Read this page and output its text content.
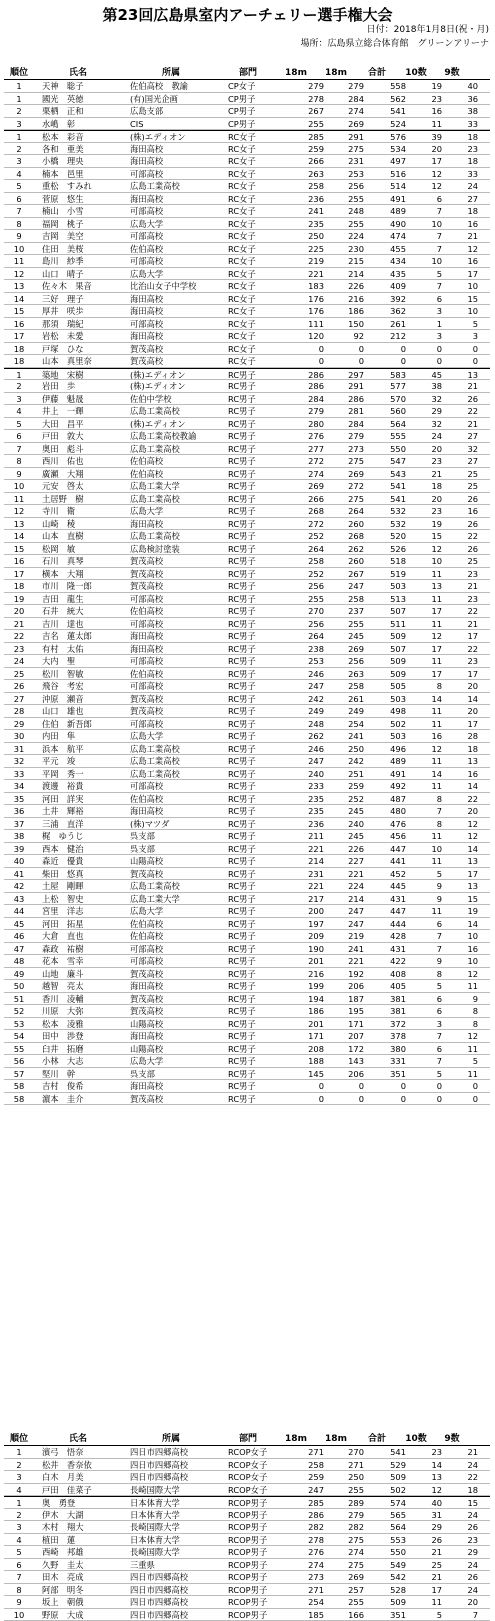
第23回広島県室内アーチェリー選手権大会
日付：2018年1月8日(祝・月)
場所：広島県立総合体育館　グリーンアリーナ
順位	氏名	所属	部門	18m	18m	合計	10数	9数
1	天神　聡子	佐伯高校　教諭	CP女子	279	279	558	19	40
1	國光　英徳	(有)国光企画	CP男子	278	284	562	23	36
2	栗栖　正和	広島支部	CP男子	267	274	541	16	38
3	水嶋　彰	CIS	CP男子	255	269	524	11	33
1	松本　彩音	(株)エディオン	RC女子	285	291	576	39	18
2	各和　亜美	海田高校	RC女子	259	275	534	20	23
3	小橋　理央	海田高校	RC女子	266	231	497	17	18
4	楠本　邑里	可部高校	RC女子	263	253	516	12	33
5	重松　すみれ	広島工業高校	RC女子	258	256	514	12	24
6	菅原　悠生	海田高校	RC女子	236	255	491	6	27
7	楠山　小雪	可部高校	RC女子	241	248	489	7	18
8	福岡　桃子	広島大学	RC女子	235	255	490	10	16
9	吉岡　美空	可部高校	RC女子	250	224	474	7	21
10	住田　美桜	佐伯高校	RC女子	225	230	455	7	12
11	島川　紗季	可部高校	RC女子	219	215	434	10	16
12	山口　晴子	広島大学	RC女子	221	214	435	5	17
13	佐々木　果音	比治山女子中学校	RC女子	183	226	409	7	10
14	三好　理子	海田高校	RC女子	176	216	392	6	15
15	厚井　咲歩	海田高校	RC女子	176	186	362	3	10
16	那須　瑞紀	可部高校	RC女子	111	150	261	1	5
17	岩松　未愛	海田高校	RC女子	120	92	212	3	3
18	戸塚　ひな	賀茂高校	RC女子	0	0	0	0	0
18	山本　真里奈	賀茂高校	RC女子	0	0	0	0	0
1	築地　宋樹	(株)エディオン	RC男子	286	297	583	45	13
2	岩田　歩	(株)エディオン	RC男子	286	291	577	38	21
3	伊藤　魁晟	佐伯中学校	RC男子	284	286	570	32	26
4	井上　一輝	広島工業高校	RC男子	279	281	560	29	22
5	大田　昌平	(株)エディオン	RC男子	280	284	564	32	21
6	戸田　敦大	広島工業高校教諭	RC男子	276	279	555	24	27
7	奥田　彪斗	広島工業高校	RC男子	277	273	550	20	32
8	西川　佑也	佐伯高校	RC男子	272	275	547	23	27
9	廣瀬　大翔	佐伯高校	RC男子	274	269	543	21	25
10	元安　啓太	広島工業大学	RC男子	269	272	541	18	25
11	土居野　樹	広島工業高校	RC男子	266	275	541	20	26
12	寺川　衛	広島大学	RC男子	268	264	532	23	16
13	山崎　稜	海田高校	RC男子	272	260	532	19	26
14	山本　直樹	広島工業高校	RC男子	252	268	520	15	22
15	松岡　敏	広島検討塗装	RC男子	264	262	526	12	26
16	石川　真琴	賀茂高校	RC男子	258	260	518	10	25
17	横本　大翔	賀茂高校	RC男子	252	267	519	11	23
18	市川　隆一郎	賀茂高校	RC男子	256	247	503	13	21
19	吉田　龍生	可部高校	RC男子	255	258	513	11	23
20	石井　統大	佐伯高校	RC男子	270	237	507	17	22
21	吉川　達也	可部高校	RC男子	256	255	511	11	21
22	吉名　蓮太郎	海田高校	RC男子	264	245	509	12	17
23	有村　太佑	海田高校	RC男子	238	269	507	17	22
24	大内　聖	可部高校	RC男子	253	256	509	11	23
25	松川　智敏	佐伯高校	RC男子	246	263	509	17	17
26	飛谷　考宏	可部高校	RC男子	247	258	505	8	20
27	沖原　瀬音	賀茂高校	RC男子	242	261	503	14	14
28	山口　雄也	賀茂高校	RC男子	249	249	498	11	20
29	住伯　新吾郎	可部高校	RC男子	248	254	502	11	17
30	内田　隼	広島大学	RC男子	262	241	503	16	28
31	浜本　航平	広島工業高校	RC男子	246	250	496	12	18
32	平元　竣	広島工業高校	RC男子	247	242	489	11	13
33	平岡　秀一	広島工業高校	RC男子	240	251	491	14	16
34	渡邊　裕貴	可部高校	RC男子	233	259	492	11	14
35	河田　詳実	佐伯高校	RC男子	235	252	487	8	22
36	土井　輝裕	海田高校	RC男子	235	245	480	7	20
37	三浦　直洋	(株)マツダ	RC男子	236	240	476	8	12
38	梶　ゆうじ	呉支部	RC男子	211	245	456	11	12
39	西本　健治	呉支部	RC男子	221	226	447	10	14
40	森近　優貴	山陽高校	RC男子	214	227	441	11	13
41	柴田　悠真	賀茂高校	RC男子	231	221	452	5	17
42	土屋　剛暉	広島工業高校	RC男子	221	224	445	9	13
43	上松　智史	広島工業大学	RC男子	217	214	431	9	15
44	宮里　洋志	広島大学	RC男子	200	247	447	11	19
45	河田　拓星	佐伯高校	RC男子	197	247	444	6	14
46	大倉　直也	佐伯高校	RC男子	209	219	428	7	10
47	森政　祐樹	可部高校	RC男子	190	241	431	7	16
48	花本　雪幸	可部高校	RC男子	201	221	422	9	10
49	山地　廉斗	賀茂高校	RC男子	216	192	408	8	12
50	越智　亮太	海田高校	RC男子	199	206	405	5	11
51	香川　凌輔	賀茂高校	RC男子	194	187	381	6	9
52	川原　大弥	賀茂高校	RC男子	186	195	381	6	8
53	松本　凌雅	山陽高校	RC男子	201	171	372	3	8
54	田中　渉登	海田高校	RC男子	171	207	378	7	12
55	臼井　拓磨	山陽高校	RC男子	208	172	380	6	11
56	小林　大志	広島大学	RC男子	188	143	331	7	5
57	堅川　幹	呉支部	RC男子	145	206	351	5	11
58	吉村　俊希	海田高校	RC男子	0	0	0	0	0
58	濵本　圭介	賀茂高校	RC男子	0	0	0	0	0
順位	氏名	所属	部門	18m	18m	合計	10数	9数
1	濱弓　悟奈	四日市四郷高校	RCOP女子	271	270	541	23	21
2	松井　香奈依	四日市四郷高校	RCOP女子	258	271	529	14	24
3	白木　月美	四日市四郷高校	RCOP女子	259	250	509	13	22
4	戸田　佳菜子	長崎国際大学	RCOP女子	247	255	502	12	18
1	奥　勇登	日本体育大学	RCOP男子	285	289	574	40	15
2	伊木　大湖	日本体育大学	RCOP男子	286	279	565	31	24
3	木村　翔大	長崎国際大学	RCOP男子	282	282	564	29	26
4	植田　蓮	日本体育大学	RCOP男子	278	275	553	26	23
5	西崎　邦雄	長崎国際大学	RCOP男子	276	274	550	21	29
6	久野　圭太	三重県	RCOP男子	274	275	549	25	24
7	田木　亮成	四日市四郷高校	RCOP男子	273	269	542	21	26
8	阿部　明冬	四日市四郷高校	RCOP男子	271	257	528	17	24
9	坂上　朝俄	四日市四郷高校	RCOP男子	254	255	509	11	20
10	野原　大成	四日市四郷高校	RCOP男子	185	166	351	5	7
